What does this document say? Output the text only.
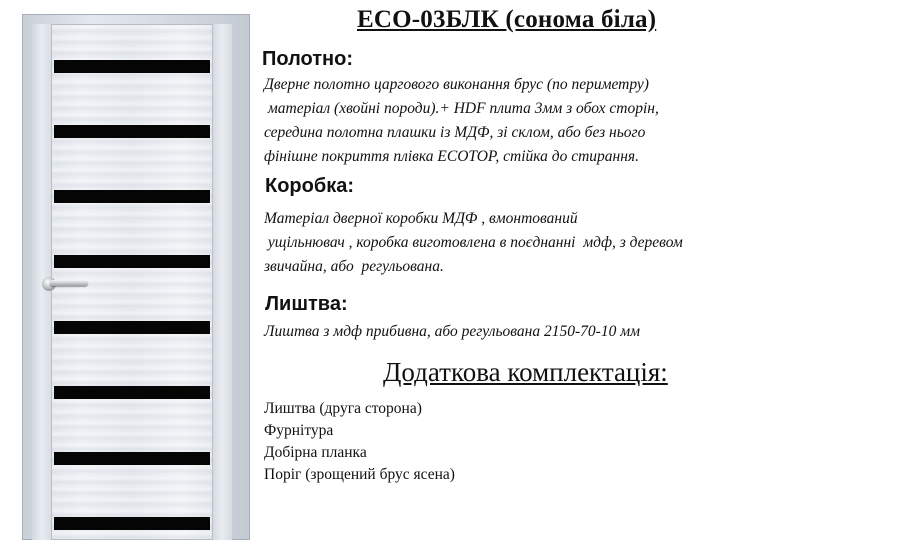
ЕСО-03БЛК (сонома біла)
Полотно:
Дверне полотно царгового виконання брус (по периметру)
матеріал (хвойні породи).+ HDF плита 3мм з обох сторін,
середина полотна плашки із МДФ, зі склом, або без нього
фінішне покриття плівка ECOTOP, стійка до стирання.
Коробка:
Матеріал дверної коробки МДФ , вмонтований
ущільнювач , коробка виготовлена в поєднанні  мдф, з деревом
звичайна, або  регульована.
Лиштва:
Лиштва з мдф прибивна, або регульована 2150-70-10 мм
Додаткова комплектація:
Лиштва (друга сторона)
Фурнітура
Добірна планка
Поріг (зрощений брус ясена)
